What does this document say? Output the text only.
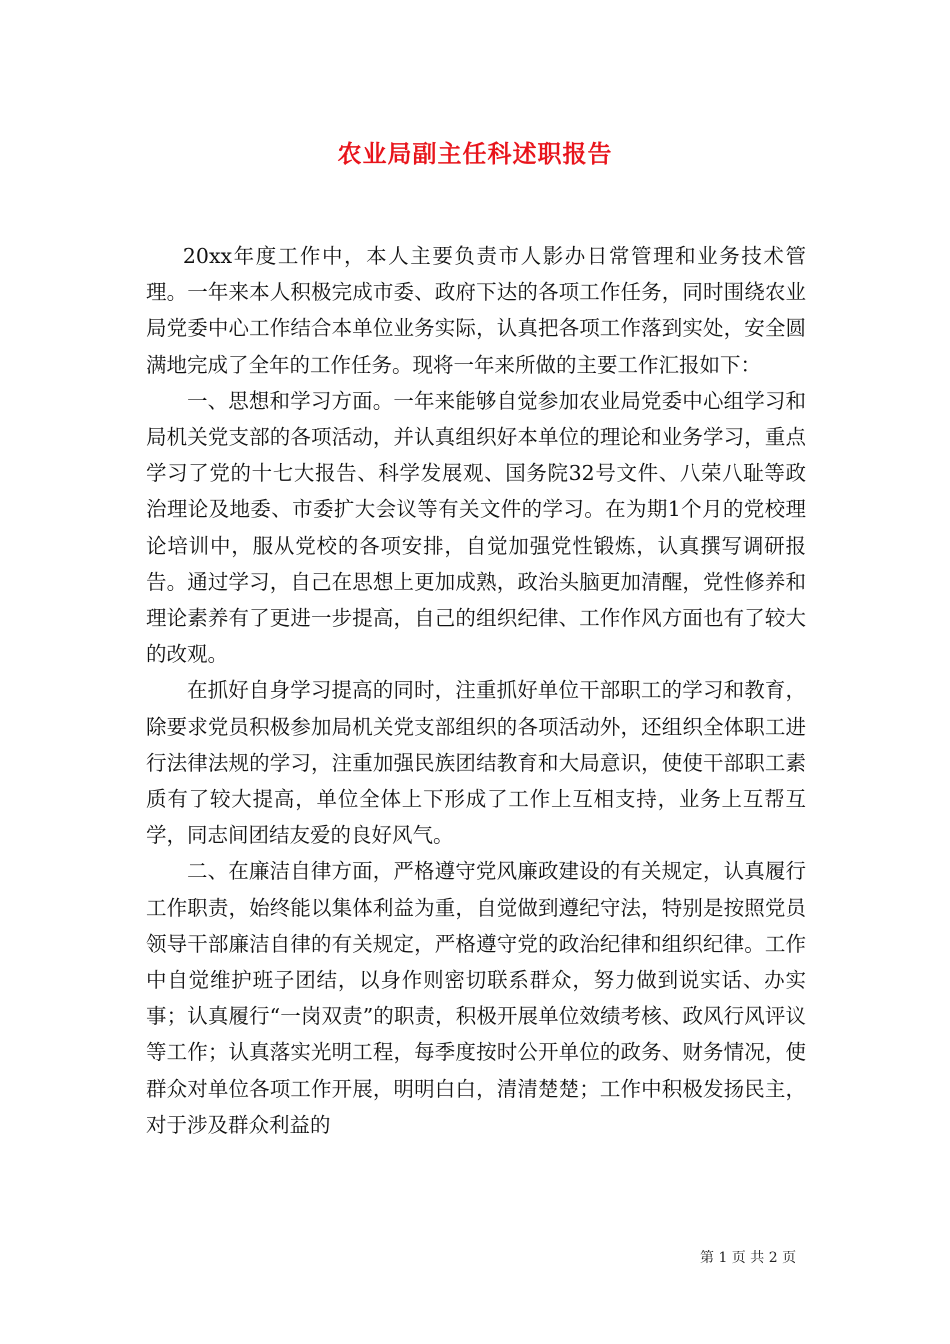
农业局副主任科述职报告

20xx年度工作中，本人主要负责市人影办日常管理和业务技术管理。一年来本人积极完成市委、政府下达的各项工作任务，同时围绕农业局党委中心工作结合本单位业务实际，认真把各项工作落到实处，安全圆满地完成了全年的工作任务。现将一年来所做的主要工作汇报如下：

一、思想和学习方面。一年来能够自觉参加农业局党委中心组学习和局机关党支部的各项活动，并认真组织好本单位的理论和业务学习，重点学习了党的十七大报告、科学发展观、国务院32号文件、八荣八耻等政治理论及地委、市委扩大会议等有关文件的学习。在为期1个月的党校理论培训中，服从党校的各项安排，自觉加强党性锻炼，认真撰写调研报告。通过学习，自己在思想上更加成熟，政治头脑更加清醒，党性修养和理论素养有了更进一步提高，自己的组织纪律、工作作风方面也有了较大的改观。

在抓好自身学习提高的同时，注重抓好单位干部职工的学习和教育，除要求党员积极参加局机关党支部组织的各项活动外，还组织全体职工进行法律法规的学习，注重加强民族团结教育和大局意识，使使干部职工素质有了较大提高，单位全体上下形成了工作上互相支持，业务上互帮互学，同志间团结友爱的良好风气。

二、在廉洁自律方面，严格遵守党风廉政建设的有关规定，认真履行工作职责，始终能以集体利益为重，自觉做到遵纪守法，特别是按照党员领导干部廉洁自律的有关规定，严格遵守党的政治纪律和组织纪律。工作中自觉维护班子团结，以身作则密切联系群众，努力做到说实话、办实事；认真履行“一岗双责”的职责，积极开展单位效绩考核、政风行风评议等工作；认真落实光明工程，每季度按时公开单位的政务、财务情况，使群众对单位各项工作开展，明明白白，清清楚楚；工作中积极发扬民主，对于涉及群众利益的

第 1 页 共 2 页
